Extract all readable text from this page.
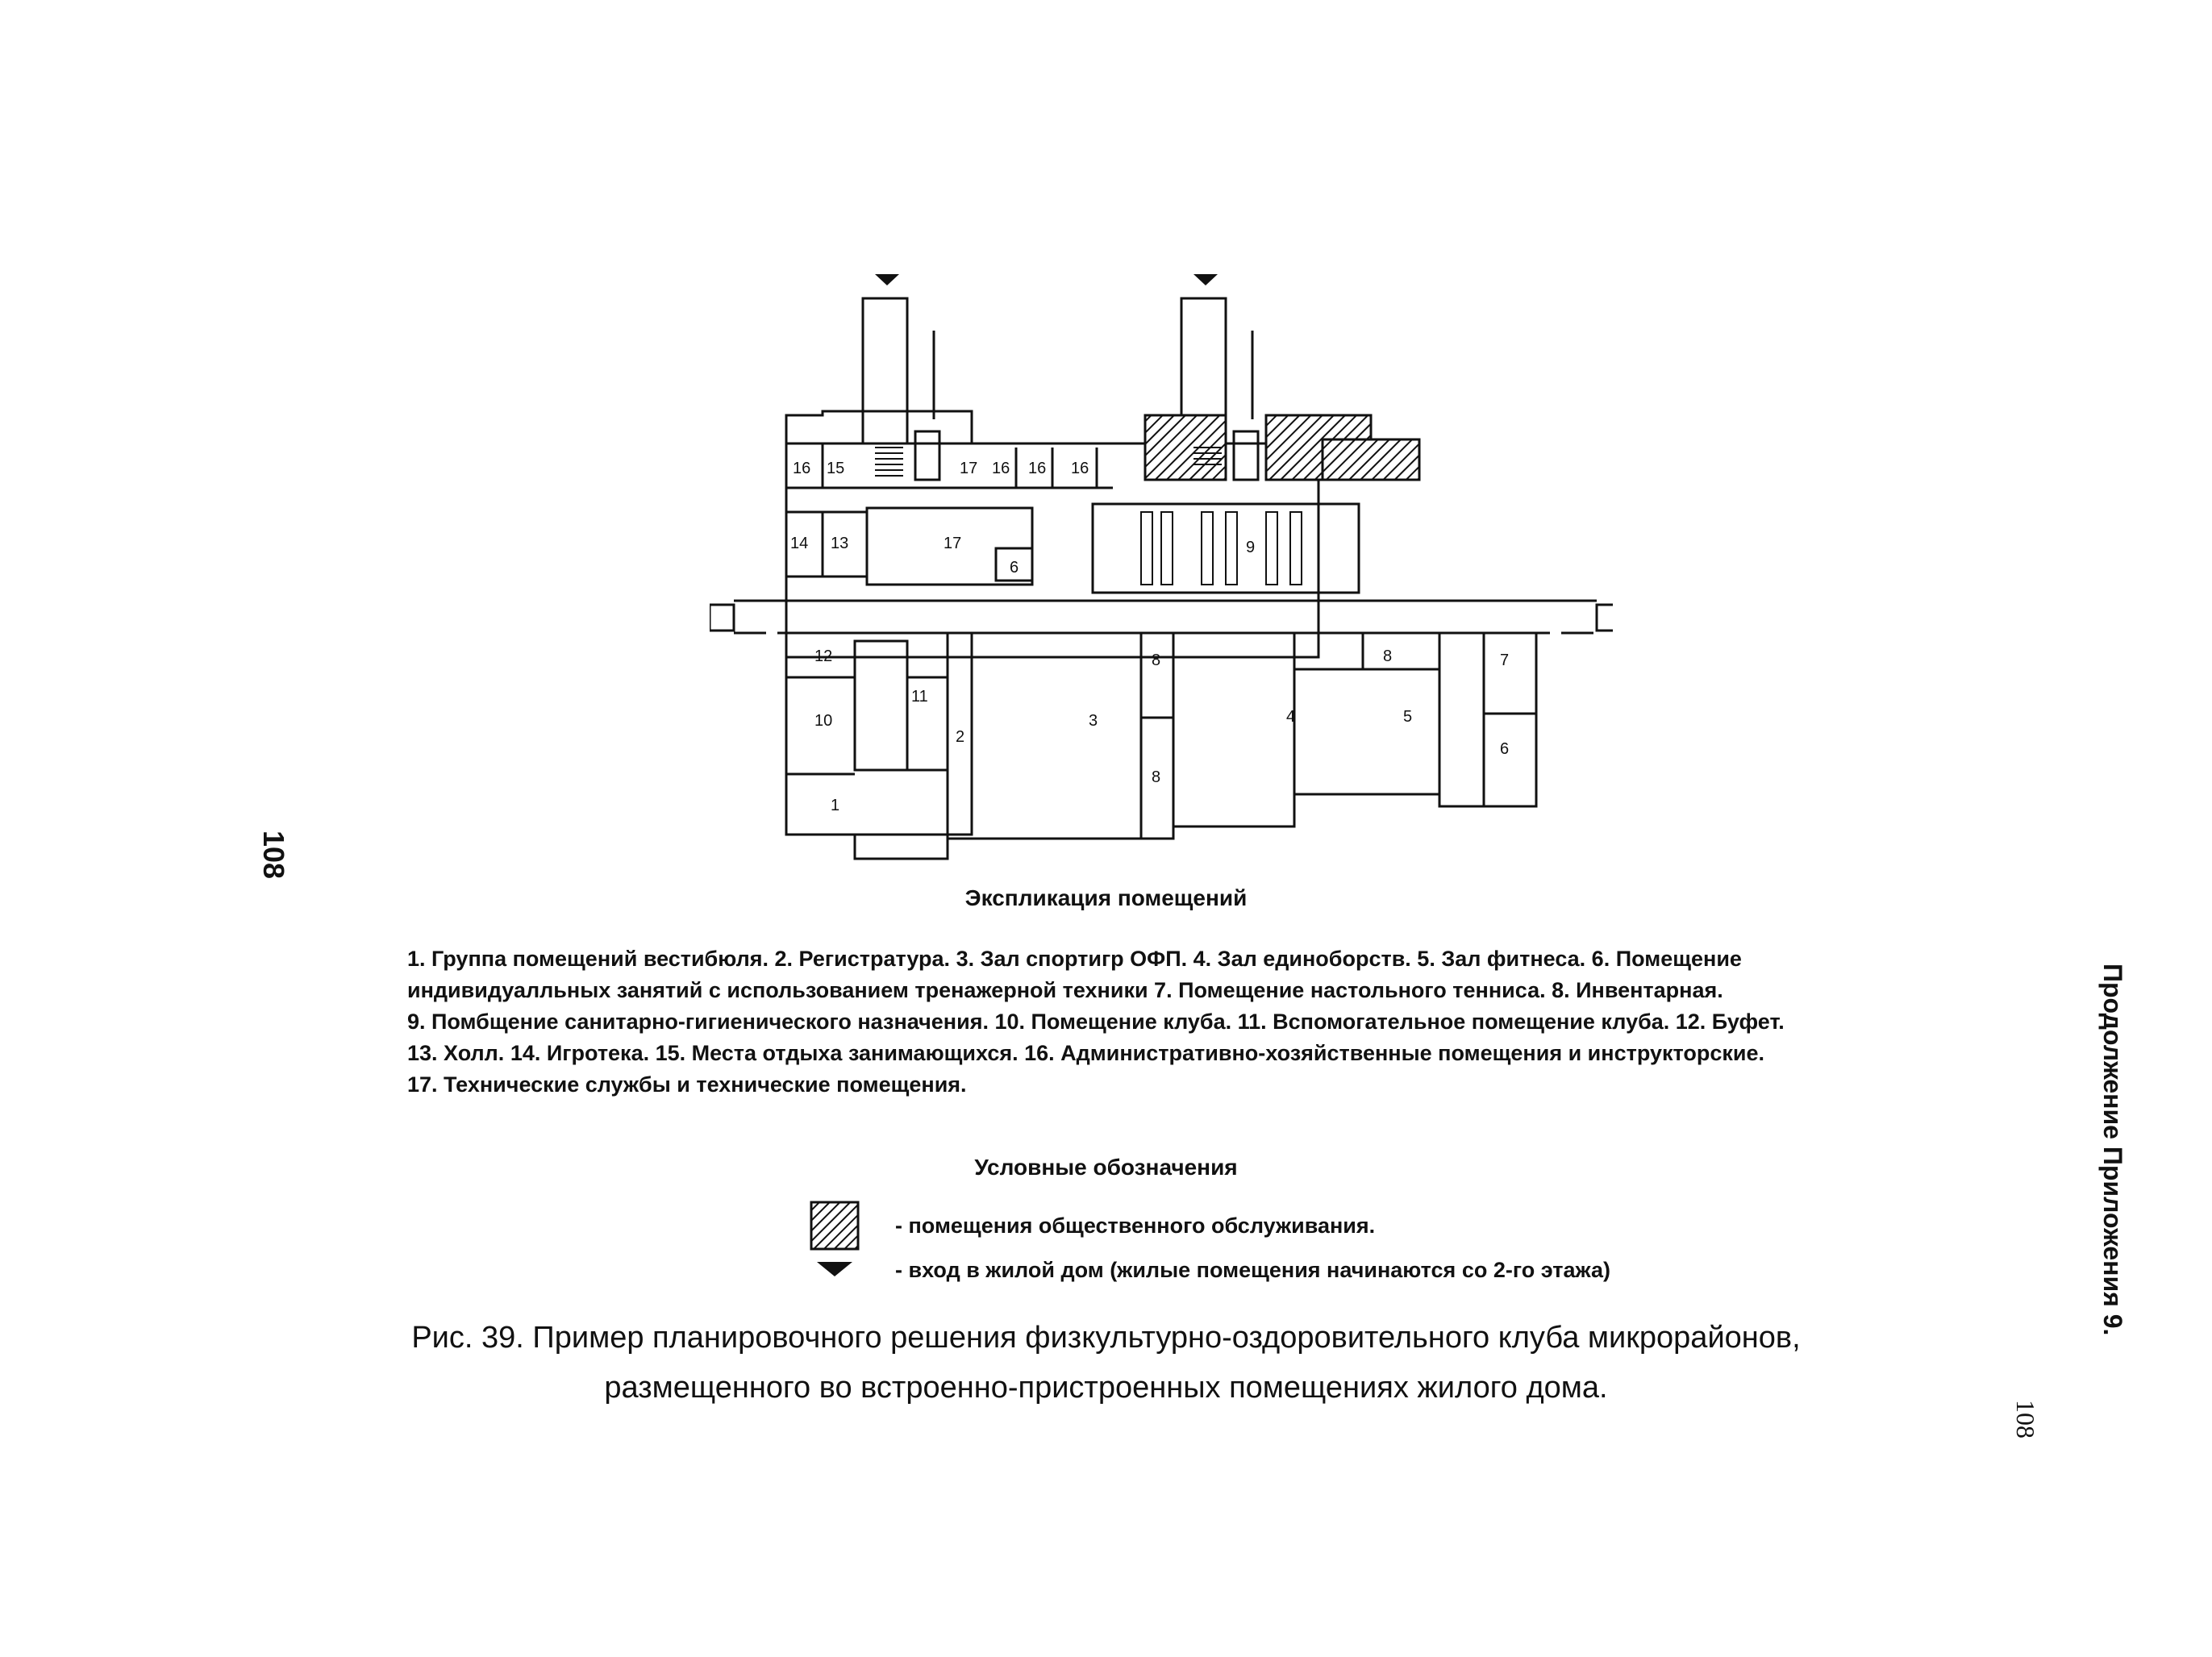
108
Продолжение Приложения 9.
108
16 15	17 16 16 16
14 13	17
6
9
12
11
10	3
2
1
8
8
4
8
5
7
6
Экспликация помещений

1. Группа помещений вестибюля. 2. Регистратура. 3. Зал спортигр ОФП. 4. Зал единоборств. 5. Зал фитнеса. 6. Помещение

индивидуалльных занятий с использованием тренажерной техники 7. Помещение настольного тенниса. 8. Инвентарная.

9. Помбщение санитарно-гигиенического назначения. 10. Помещение клуба. 11. Вспомогательное помещение клуба. 12. Буфет.

13. Холл. 14. Игротека. 15. Места отдыха занимающихся. 16. Административно-хозяйственные помещения и инструкторские.

17. Технические службы и технические помещения.

Условные обозначения
- помещения общественного обслуживания.
- вход в жилой дом (жилые помещения начинаются со 2-го этажа)
Рис. 39. Пример планировочного решения физкультурно-оздоровительного клуба микрорайонов,
размещенного во встроенно-пристроенных помещениях жилого дома.
